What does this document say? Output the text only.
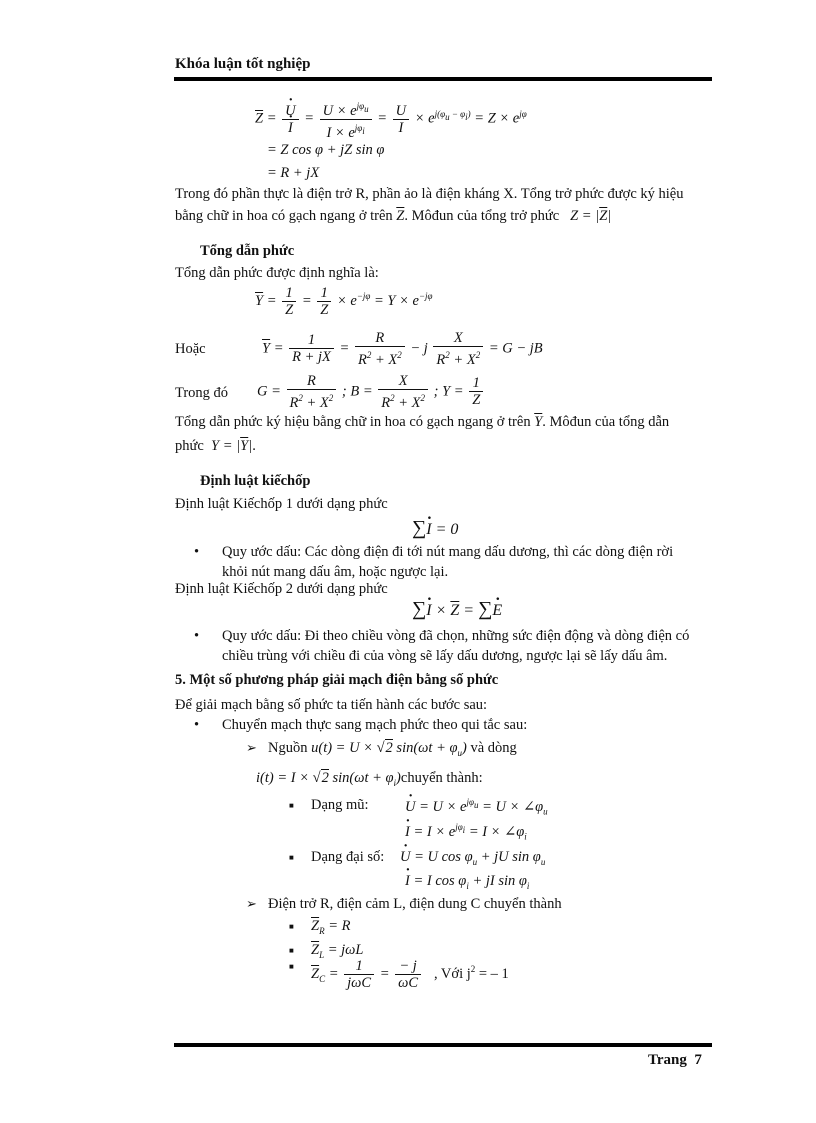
Khóa luận tốt nghiệp
$\overline{Z}$ = · U
· $I = \frac{U \times e^{j\varphi_u}}{I \times e^{j\varphi_i}} = \frac{U}{I} \times e^{j(\varphi_u - \varphi_i)} = Z \times e^{j\varphi}$
= Z cos φ + jZ sin φ
= R + jX
Trong đó phần thực là điện trở R, phần ảo là điện kháng X. Tổng trở phức được ký hiệu bằng chữ in hoa có gạch ngang ở trên $\overline{Z}$. Môđun của tổng trở phức   $Z = |\overline{Z}|$
Tổng dẫn phức
Tổng dẫn phức được định nghĩa là:
$\overline{Y} = \frac{1}{Z} = \frac{1}{Z} \times e^{-j\varphi} = Y \times e^{-j\varphi}$
Hoặc	$\overline{Y} = \frac{1}{R + jX} = \frac{R}{R^2 + X^2} - j \frac{X}{R^2 + X^2} = G$ − jB
Trong đó $G = \frac{R}{R^2 + X^2}$ ; $B = \frac{X}{R^2 + X^2}$ ; $Y = \frac{1}{Z}$
Tổng dẫn phức ký hiệu bằng chữ in hoa có gạch ngang ở trên $\overline{Y}$. Môđun của tổng dẫn
phức $Y = |\overline{Y}|$.
Định luật kiếchốp
Định luật Kiếchốp 1 dưới dạng phức
∑· I = 0
• Quy ước dấu: Các dòng điện đi tới nút mang dấu dương, thì các dòng điện rời
khỏi nút mang dấu âm, hoặc ngược lại.
Định luật Kiếchốp 2 dưới dạng phức
∑· $I \times \overline{Z}$ = ∑· E
• Quy ước dấu: Đi theo chiều vòng đã chọn, những sức điện động và dòng điện có
chiều trùng với chiều đi của vòng sẽ lấy dấu dương, ngược lại sẽ lấy dấu âm.
5. Một số phương pháp giải mạch điện bằng số phức
Để giải mạch bằng số phức ta tiến hành các bước sau:
• Chuyển mạch thực sang mạch phức theo qui tắc sau:
➢ Nguồn u(t) = U × √2 $\sin(\omega t + \varphi_u)$ và dòng
i(t) = I × √2 $\sin(\omega t + \varphi_i)chuyển$ thành:
■ Dạng mũ:	· $U = U \times e^{j\varphi_u} = U$ × $\angle\varphi_u$
· $I = I \times e^{j\varphi_i} = I$ × $\angle\varphi_i$
■ Dạng đại số: · U = U $\cos \varphi_u$ + jU $\sin \varphi_u$
· I = I $\cos \varphi_i$ + jI $\sin \varphi_i$
➢ Điện trở R, điện cảm L, điện dung C chuyển thành
■ $\overline{Z}_R = R$
■ $\overline{Z}_L = j\omega L$
■ $\overline{Z}_C = \frac{1}{\text{jωC}} = \frac{- j}{\omega C}$ , Với $j^2$ = – 1
Trang 7
